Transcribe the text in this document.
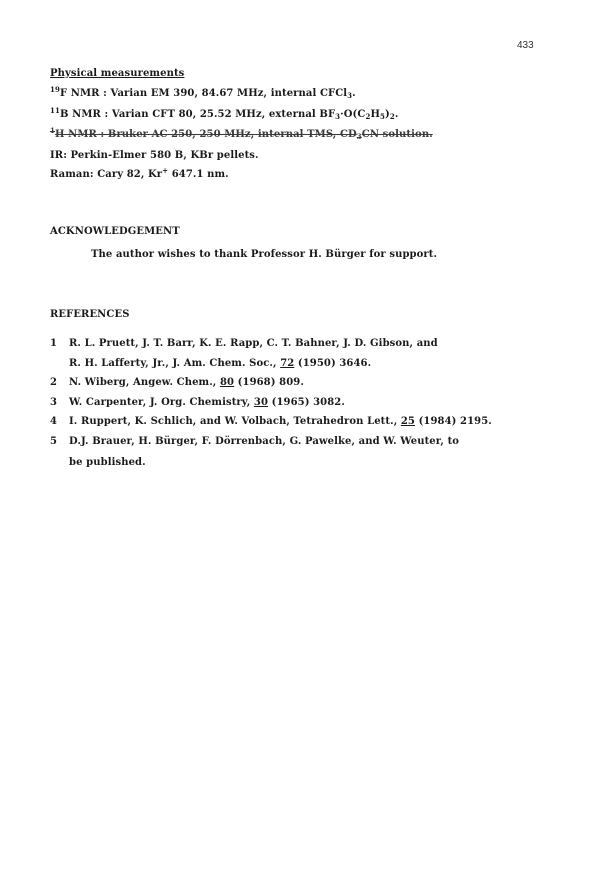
433
Physical measurements
$^{19}$F NMR : Varian EM 390, 84.67 MHz, internal CFCl$_3$.
$^{11}$B NMR : Varian CFT 80, 25.52 MHz, external $BF_3\cdot O(C_2H_5)_2$.
$^1$H NMR : Bruker AC 250, 250 MHz, internal TMS, $CD_3CN$ solution.
IR: Perkin-Elmer 580 B, KBr pellets.
Raman: Cary 82, Kr+ 647.1 nm.
ACKNOWLEDGEMENT
The author wishes to thank Professor H. Bürger for support.
REFERENCES
1 R. L. Pruett, J. T. Barr, K. E. Rapp, C. T. Bahner, J. D. Gibson, and
R. H. Lafferty, Jr., J. Am. Chem. Soc., 72 (1950) 3646.
2 N. Wiberg, Angew. Chem., 80 (1968) 809.
3 W. Carpenter, J. Org. Chemistry, 30 (1965) 3082.
4 I. Ruppert, K. Schlich, and W. Volbach, Tetrahedron Lett., 25 (1984) 2195.
5 D.J. Brauer, H. Bürger, F. Dörrenbach, G. Pawelke, and W. Weuter, to
be published.
